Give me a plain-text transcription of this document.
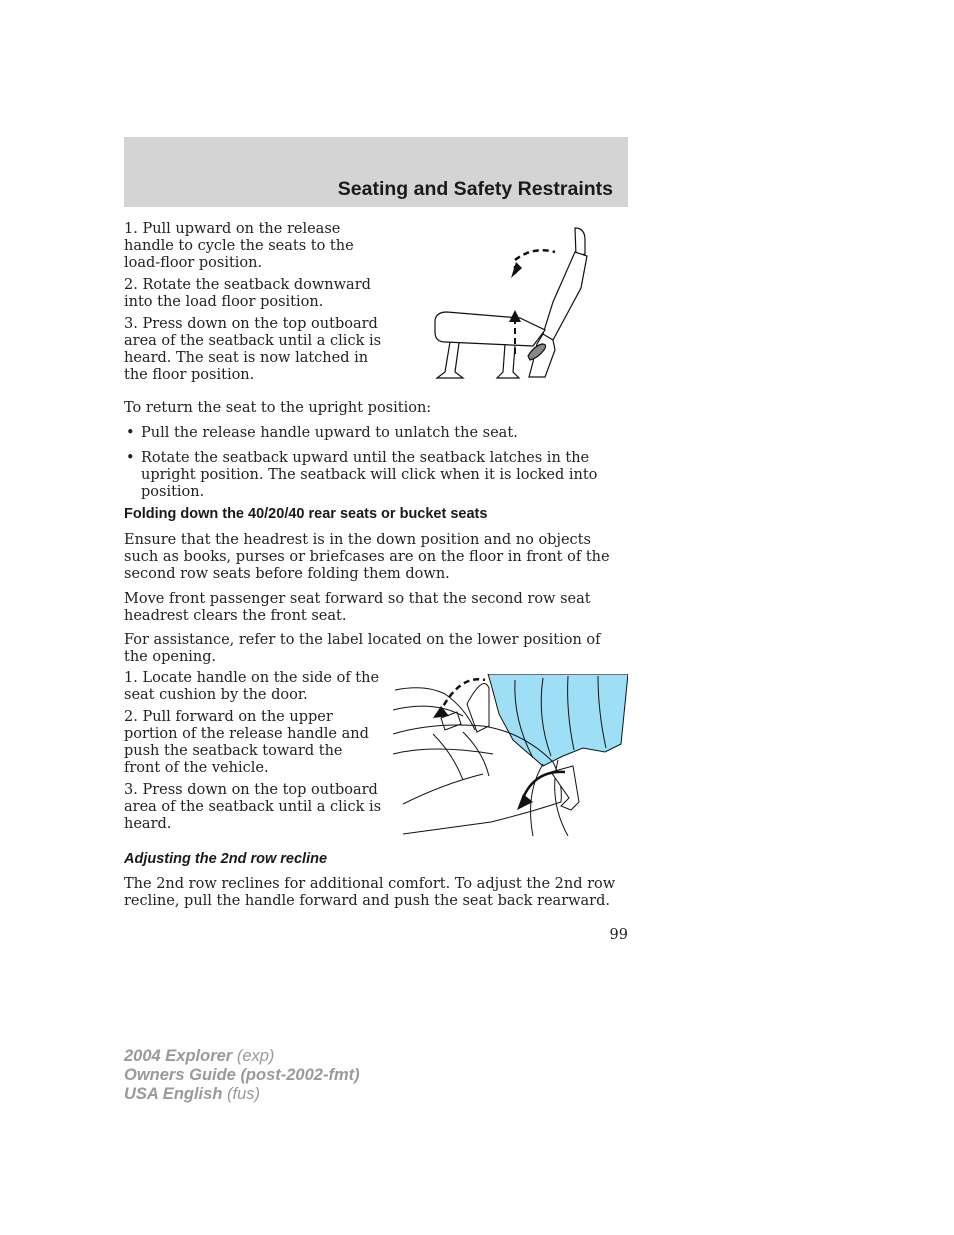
Seating and Safety Restraints

1. Pull upward on the release handle to cycle the seats to the load-floor position.

2. Rotate the seatback downward into the load floor position.

3. Press down on the top outboard area of the seatback until a click is heard. The seat is now latched in the floor position.

To return the seat to the upright position:
• Pull the release handle upward to unlatch the seat.
• Rotate the seatback upward until the seatback latches in the upright position. The seatback will click when it is locked into position.
Folding down the 40/20/40 rear seats or bucket seats
Ensure that the headrest is in the down position and no objects such as books, purses or briefcases are on the floor in front of the second row seats before folding them down.
Move front passenger seat forward so that the second row seat headrest clears the front seat.
For assistance, refer to the label located on the lower position of the opening.

1. Locate handle on the side of the seat cushion by the door.

2. Pull forward on the upper portion of the release handle and push the seatback toward the front of the vehicle.

3. Press down on the top outboard area of the seatback until a click is heard.

Adjusting the 2nd row recline
The 2nd row reclines for additional comfort. To adjust the 2nd row recline, pull the handle forward and push the seat back rearward.
99
2004 Explorer (exp)
Owners Guide (post-2002-fmt)
USA English (fus)
